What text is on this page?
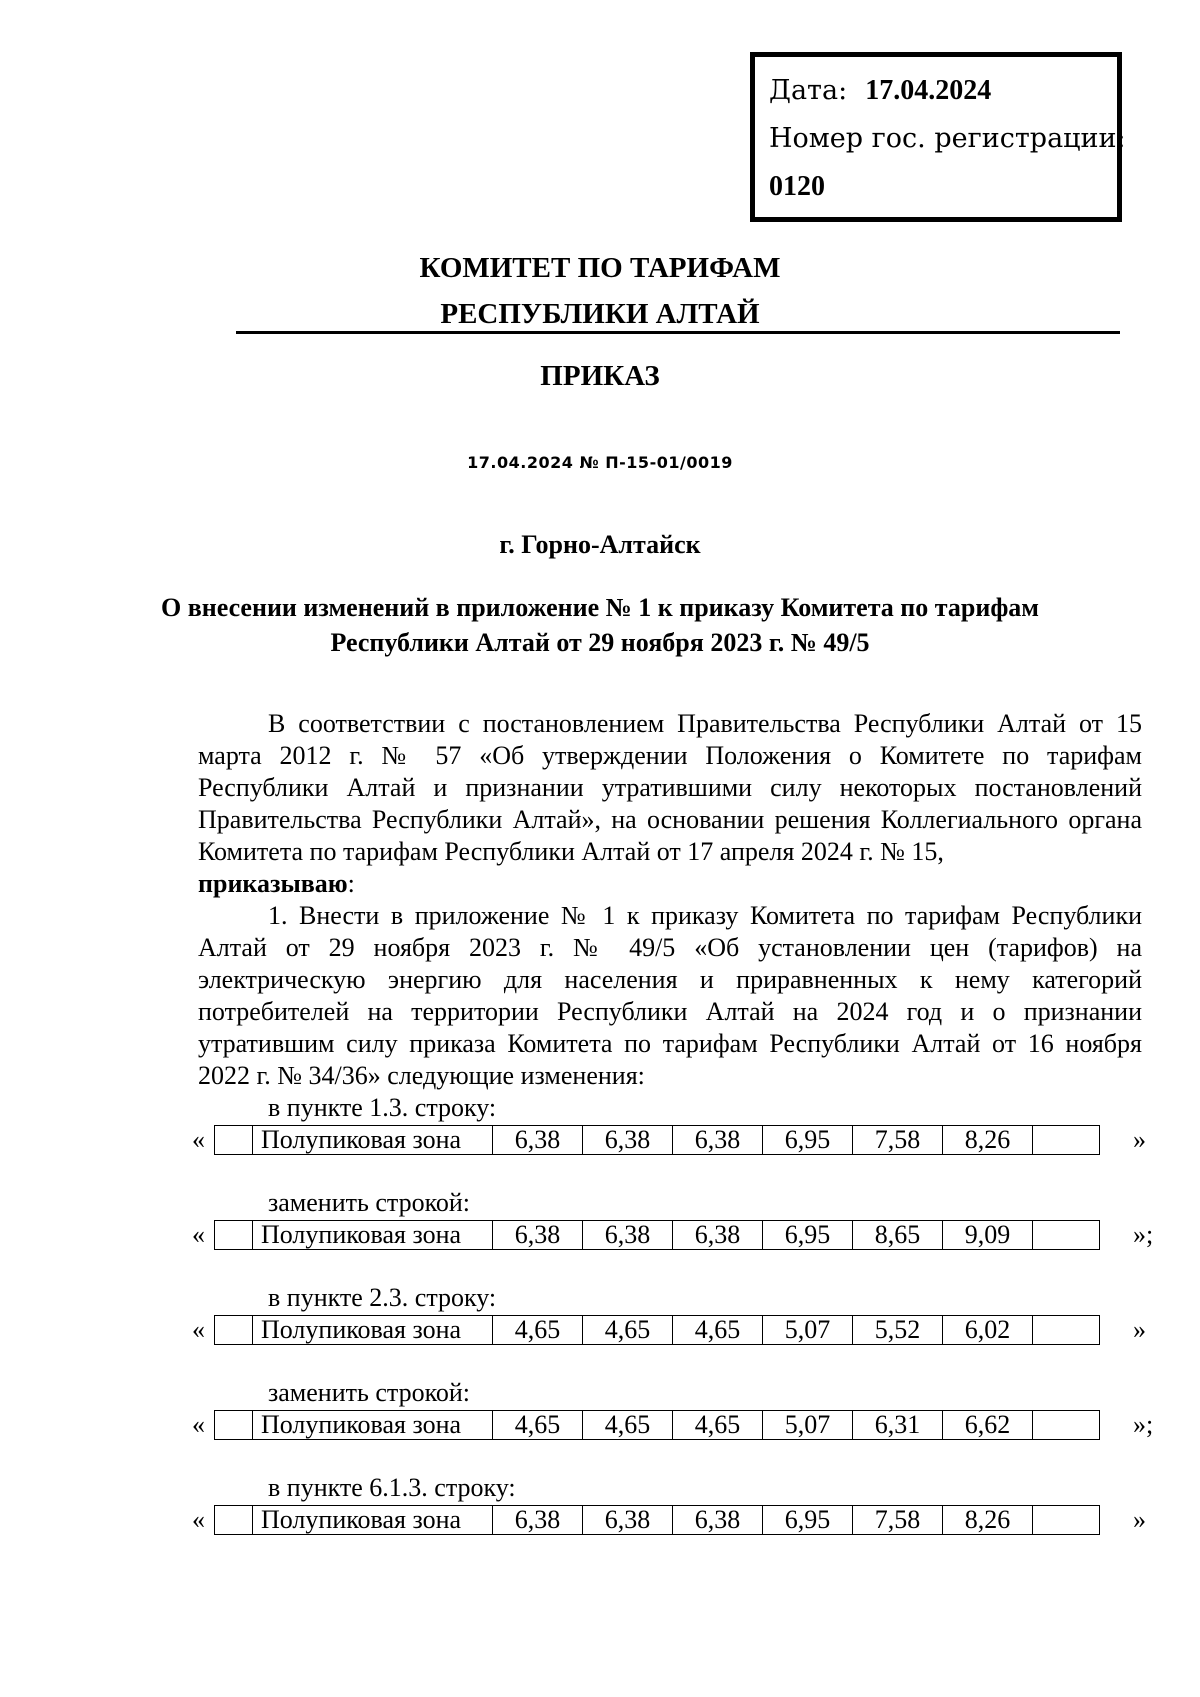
Дата: 17.04.2024
Номер гос. регистрации:
0120
КОМИТЕТ ПО ТАРИФАМ
РЕСПУБЛИКИ АЛТАЙ
ПРИКАЗ
17.04.2024 № П-15-01/0019
г. Горно-Алтайск
О внесении изменений в приложение № 1 к приказу Комитета по тарифам
Республики Алтай от 29 ноября 2023 г. № 49/5
В соответствии с постановлением Правительства Республики Алтай от 15 марта 2012 г. № 57 «Об утверждении Положения о Комитете по тарифам Республики Алтай и признании утратившими силу некоторых постановлений Правительства Республики Алтай», на основании решения Коллегиального органа Комитета по тарифам Республики Алтай от 17 апреля 2024 г. № 15,
приказываю:
1. Внести в приложение № 1 к приказу Комитета по тарифам Республики Алтай от 29 ноября 2023 г. № 49/5 «Об установлении цен (тарифов) на электрическую энергию для населения и приравненных к нему категорий потребителей на территории Республики Алтай на 2024 год и о признании утратившим силу приказа Комитета по тарифам Республики Алтай от 16 ноября 2022 г. № 34/36» следующие изменения:
в пункте 1.3. строку:
«	Полупиковая зона	6,38	6,38	6,38	6,95	7,58	8,26	»
заменить строкой:
«	Полупиковая зона	6,38	6,38	6,38	6,95	8,65	9,09	»;
в пункте 2.3. строку:
«	Полупиковая зона	4,65	4,65	4,65	5,07	5,52	6,02	»
заменить строкой:
«	Полупиковая зона	4,65	4,65	4,65	5,07	6,31	6,62	»;
в пункте 6.1.3. строку:
«	Полупиковая зона	6,38	6,38	6,38	6,95	7,58	8,26	»
